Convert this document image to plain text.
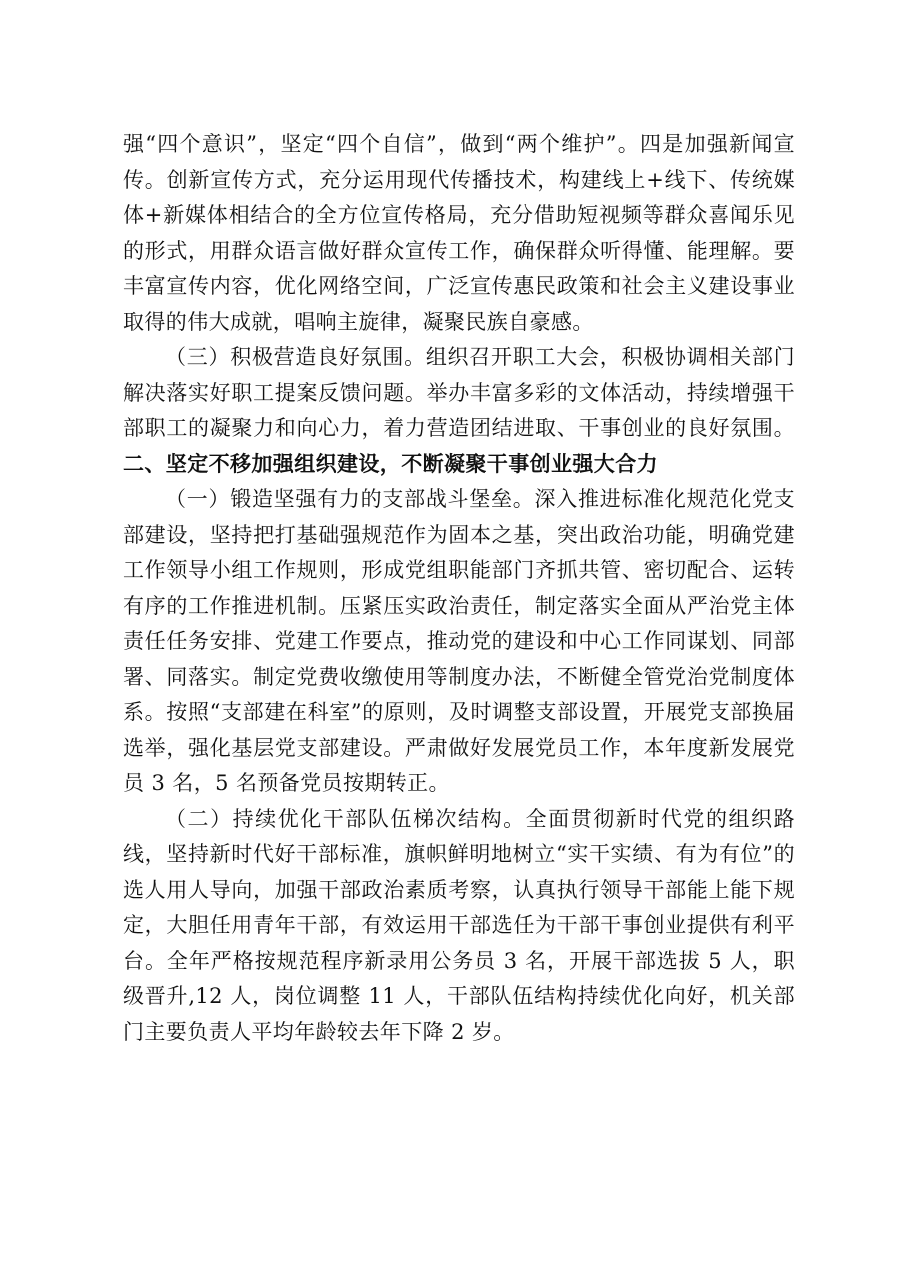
强“四个意识”，坚定“四个自信”，做到“两个维护”。四是加强新闻宣传。创新宣传方式，充分运用现代传播技术，构建线上+线下、传统媒体+新媒体相结合的全方位宣传格局，充分借助短视频等群众喜闻乐见的形式，用群众语言做好群众宣传工作，确保群众听得懂、能理解。要丰富宣传内容，优化网络空间，广泛宣传惠民政策和社会主义建设事业取得的伟大成就，唱响主旋律，凝聚民族自豪感。

（三）积极营造良好氛围。组织召开职工大会，积极协调相关部门解决落实好职工提案反馈问题。举办丰富多彩的文体活动，持续增强干部职工的凝聚力和向心力，着力营造团结进取、干事创业的良好氛围。二、坚定不移加强组织建设，不断凝聚干事创业强大合力

（一）锻造坚强有力的支部战斗堡垒。深入推进标准化规范化党支部建设，坚持把打基础强规范作为固本之基，突出政治功能，明确党建工作领导小组工作规则，形成党组职能部门齐抓共管、密切配合、运转有序的工作推进机制。压紧压实政治责任，制定落实全面从严治党主体责任任务安排、党建工作要点，推动党的建设和中心工作同谋划、同部署、同落实。制定党费收缴使用等制度办法，不断健全管党治党制度体系。按照“支部建在科室”的原则，及时调整支部设置，开展党支部换届选举，强化基层党支部建设。严肃做好发展党员工作，本年度新发展党员 3 名，5 名预备党员按期转正。

（二）持续优化干部队伍梯次结构。全面贯彻新时代党的组织路线，坚持新时代好干部标准，旗帜鲜明地树立“实干实绩、有为有位”的选人用人导向，加强干部政治素质考察，认真执行领导干部能上能下规定，大胆任用青年干部，有效运用干部选任为干部干事创业提供有利平台。全年严格按规范程序新录用公务员 3 名，开展干部选拔 5 人，职级晋升,12 人，岗位调整 11 人，干部队伍结构持续优化向好，机关部门主要负责人平均年龄较去年下降 2 岁。
